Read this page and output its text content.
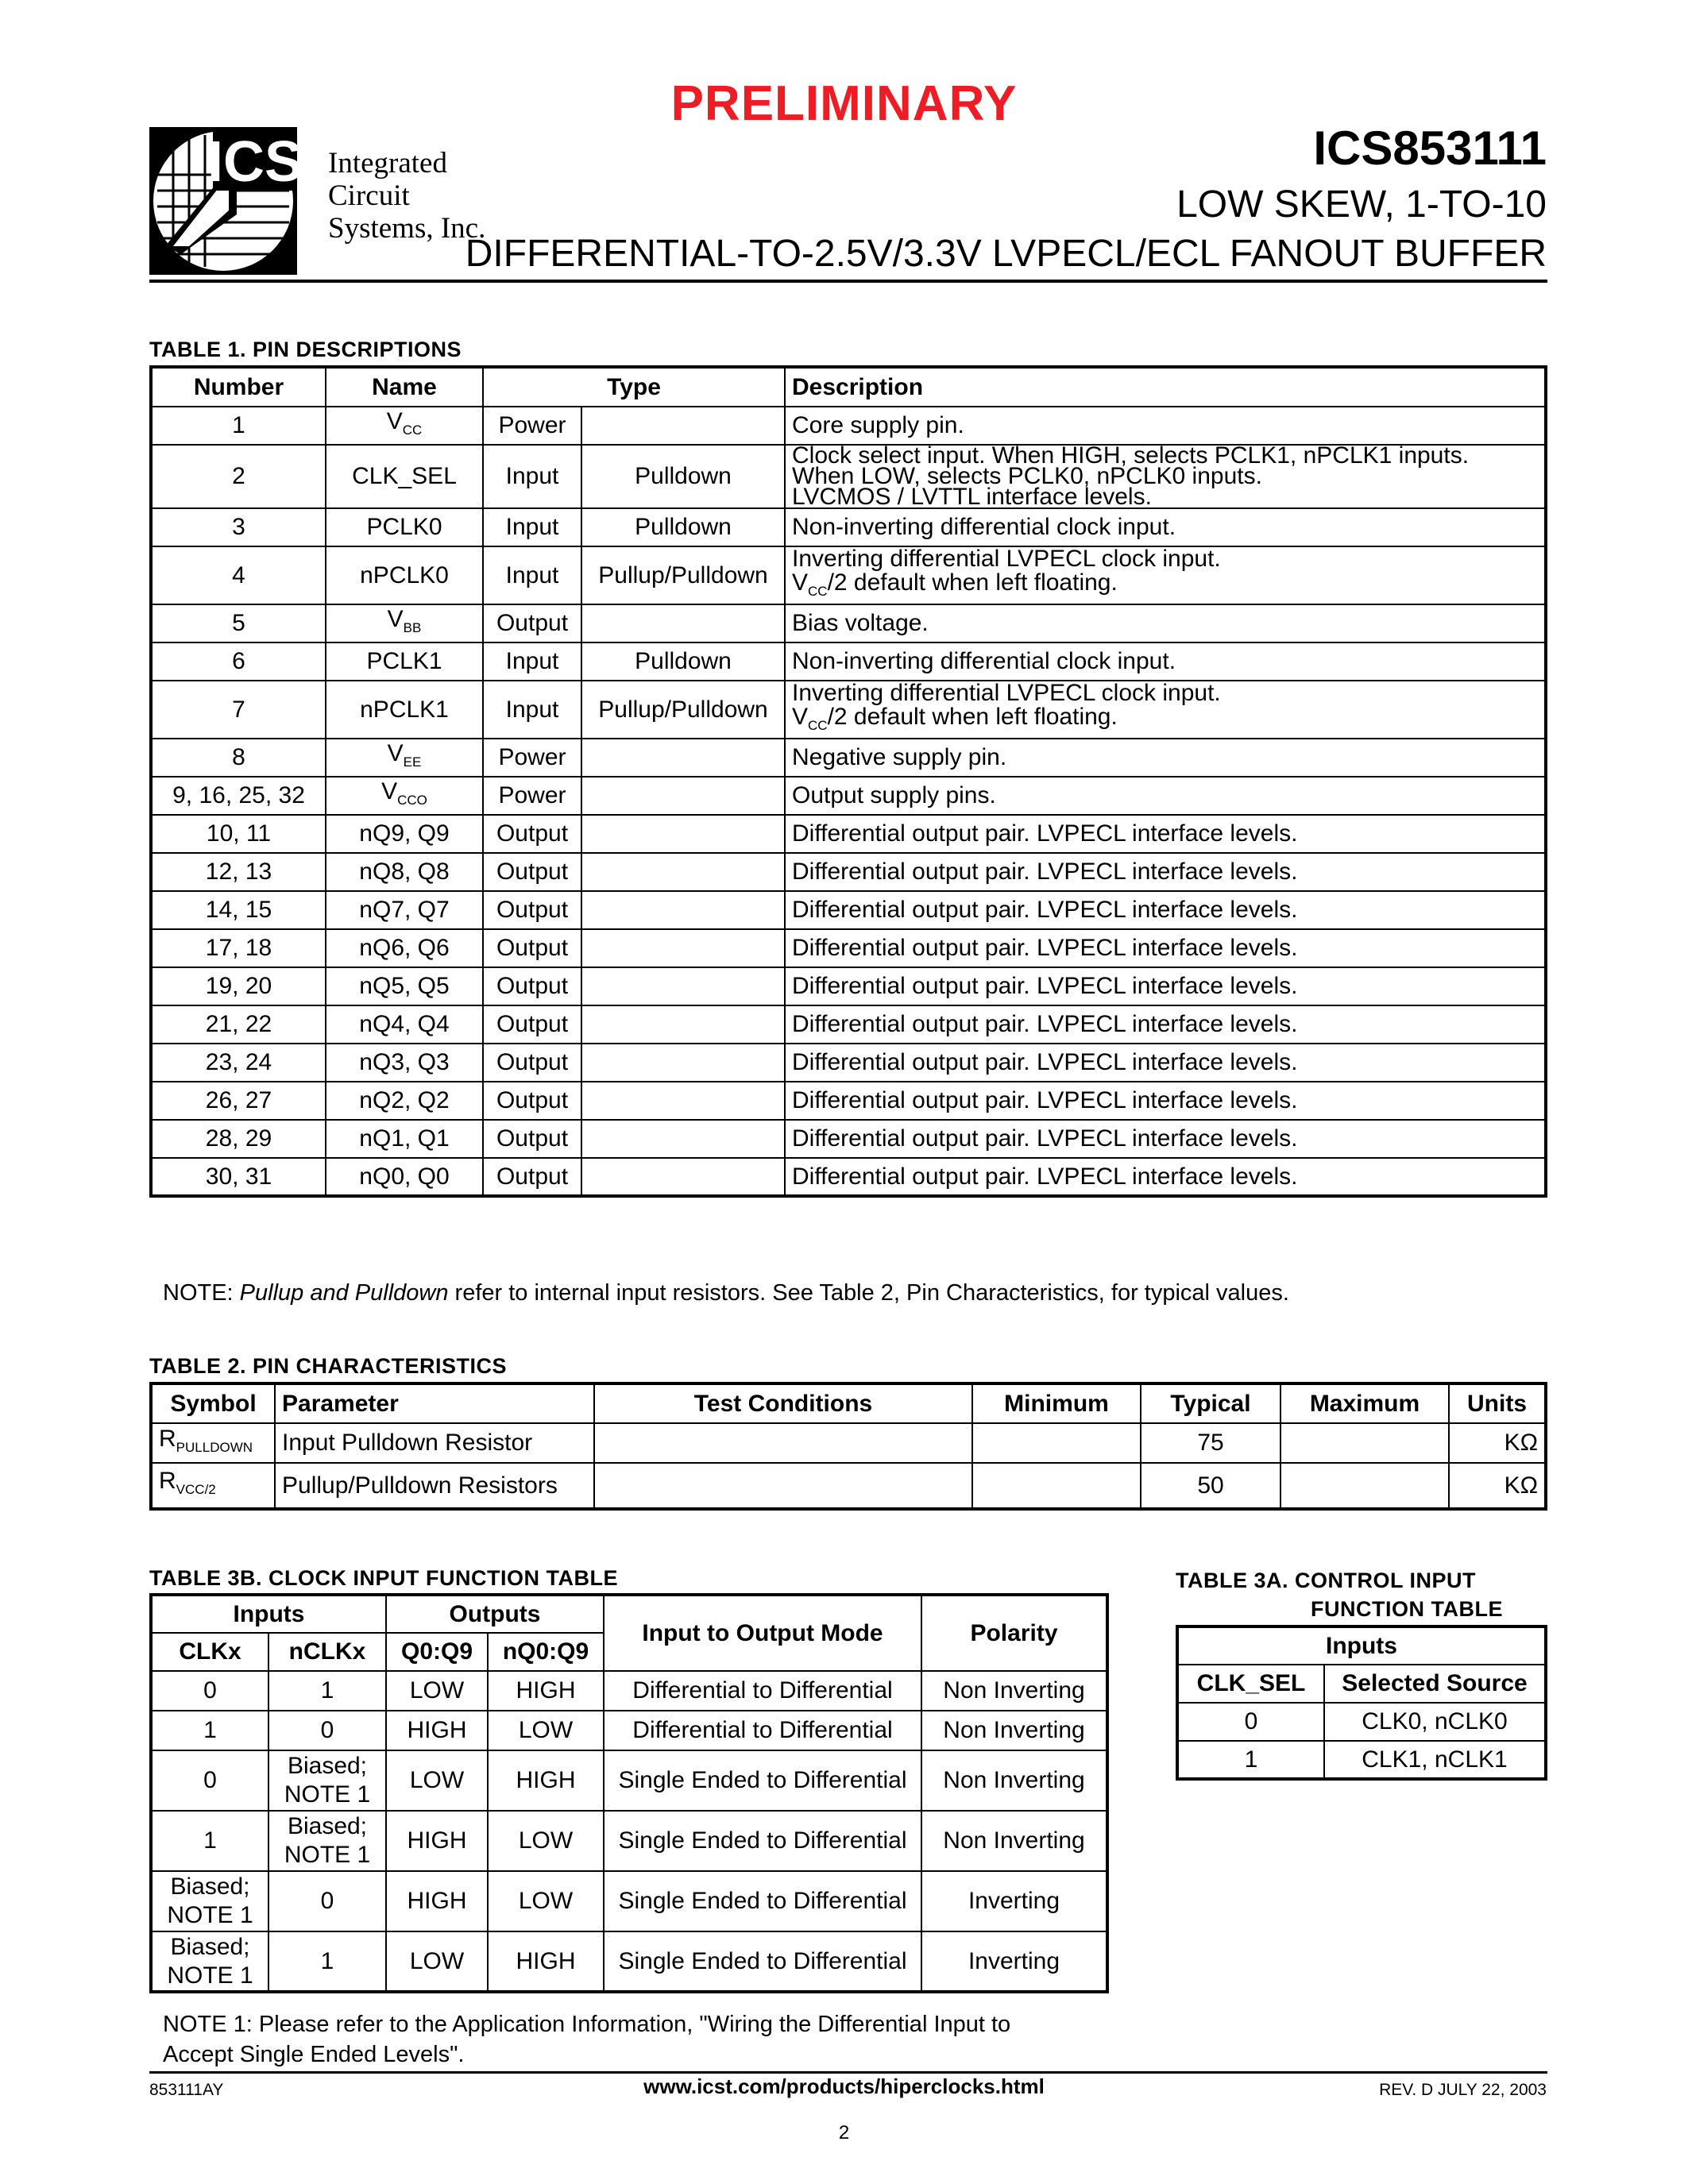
PRELIMINARY
ICS Integrated
Circuit
Systems, Inc.
ICS853111
LOW SKEW, 1-TO-10
DIFFERENTIAL-TO-2.5V/3.3V LVPECL/ECL FANOUT BUFFER
TABLE 1. PIN DESCRIPTIONS
Number	Name	Type		Description
1	$V_{CC}$	Power		Core supply pin.
2	CLK_SEL	Input	Pulldown	Clock select input. When HIGH, selects PCLK1, nPCLK1 inputs.
When LOW, selects PCLK0, nPCLK0 inputs.
LVCMOS / LVTTL interface levels.
3	PCLK0	Input	Pulldown	Non-inverting differential clock input.
4	nPCLK0	Input	Pullup/Pulldown	Inverting differential LVPECL clock input.
$V_{CC}/2$ default when left floating.
5	$V_{BB}$	Output		Bias voltage.
6	PCLK1	Input	Pulldown	Non-inverting differential clock input.
7	nPCLK1	Input	Pullup/Pulldown	Inverting differential LVPECL clock input.
$V_{CC}/2$ default when left floating.
8	$V_{EE}$	Power		Negative supply pin.
9, 16, 25, 32	$V_{CCO}$	Power		Output supply pins.
10, 11	nQ9, Q9	Output		Differential output pair. LVPECL interface levels.
12, 13	nQ8, Q8	Output		Differential output pair. LVPECL interface levels.
14, 15	nQ7, Q7	Output		Differential output pair. LVPECL interface levels.
17, 18	nQ6, Q6	Output		Differential output pair. LVPECL interface levels.
19, 20	nQ5, Q5	Output		Differential output pair. LVPECL interface levels.
21, 22	nQ4, Q4	Output		Differential output pair. LVPECL interface levels.
23, 24	nQ3, Q3	Output		Differential output pair. LVPECL interface levels.
26, 27	nQ2, Q2	Output		Differential output pair. LVPECL interface levels.
28, 29	nQ1, Q1	Output		Differential output pair. LVPECL interface levels.
30, 31	nQ0, Q0	Output		Differential output pair. LVPECL interface levels.
NOTE: Pullup and Pulldown refer to internal input resistors. See Table 2, Pin Characteristics, for typical values.
TABLE 2. PIN CHARACTERISTICS
Symbol	Parameter	Test Conditions	Minimum	Typical	Maximum	Units
$R_{PULLDOWN}$	Input Pulldown Resistor			75		KΩ
$R_{VCC/2}$	Pullup/Pulldown Resistors			50		KΩ
TABLE 3B. CLOCK INPUT FUNCTION TABLE
Inputs		Outputs		Input to Output Mode	Polarity
CLKx	nCLKx	Q0:Q9	nQ0:Q9		
0	1	LOW	HIGH	Differential to Differential	Non Inverting
1	0	HIGH	LOW	Differential to Differential	Non Inverting
0	Biased;
NOTE 1	LOW	HIGH	Single Ended to Differential	Non Inverting
1	Biased;
NOTE 1	HIGH	LOW	Single Ended to Differential	Non Inverting
Biased;
NOTE 1	0	HIGH	LOW	Single Ended to Differential	Inverting
Biased;
NOTE 1	1	LOW	HIGH	Single Ended to Differential	Inverting
NOTE 1: Please refer to the Application Information, "Wiring the Differential Input to
Accept Single Ended Levels".
TABLE 3A. CONTROL INPUT
FUNCTION TABLE
Inputs	
CLK_SEL	Selected Source
0	CLK0, nCLK0
1	CLK1, nCLK1
853111AY	www.icst.com/products/hiperclocks.html	REV. D JULY 22, 2003
2
